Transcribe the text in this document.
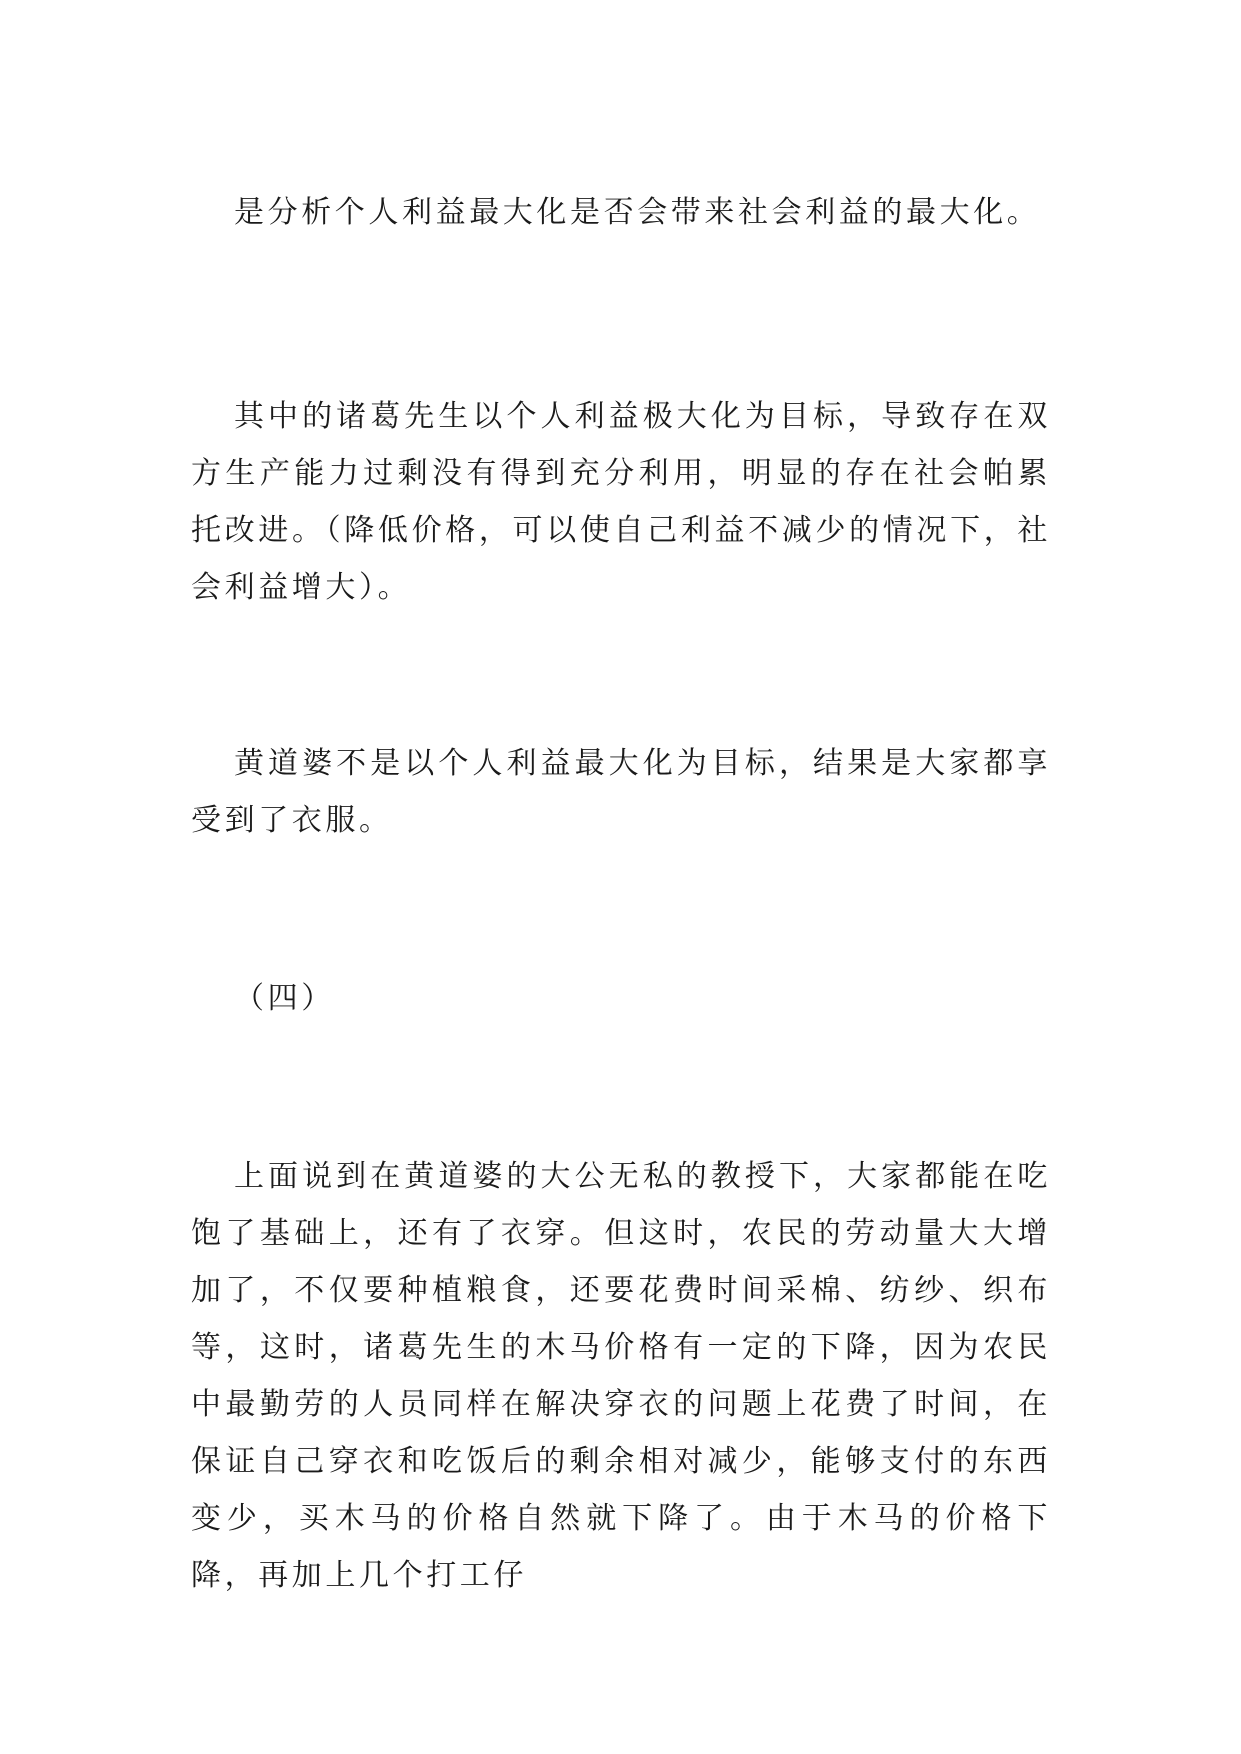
是分析个人利益最大化是否会带来社会利益的最大化。

其中的诸葛先生以个人利益极大化为目标，导致存在双方生产能力过剩没有得到充分利用，明显的存在社会帕累托改进。（降低价格，可以使自己利益不减少的情况下，社会利益增大）。

黄道婆不是以个人利益最大化为目标，结果是大家都享受到了衣服。

（四）

上面说到在黄道婆的大公无私的教授下，大家都能在吃饱了基础上，还有了衣穿。但这时，农民的劳动量大大增加了，不仅要种植粮食，还要花费时间采棉、纺纱、织布等，这时，诸葛先生的木马价格有一定的下降，因为农民中最勤劳的人员同样在解决穿衣的问题上花费了时间，在保证自己穿衣和吃饭后的剩余相对减少，能够支付的东西变少，买木马的价格自然就下降了。由于木马的价格下降，再加上几个打工仔
